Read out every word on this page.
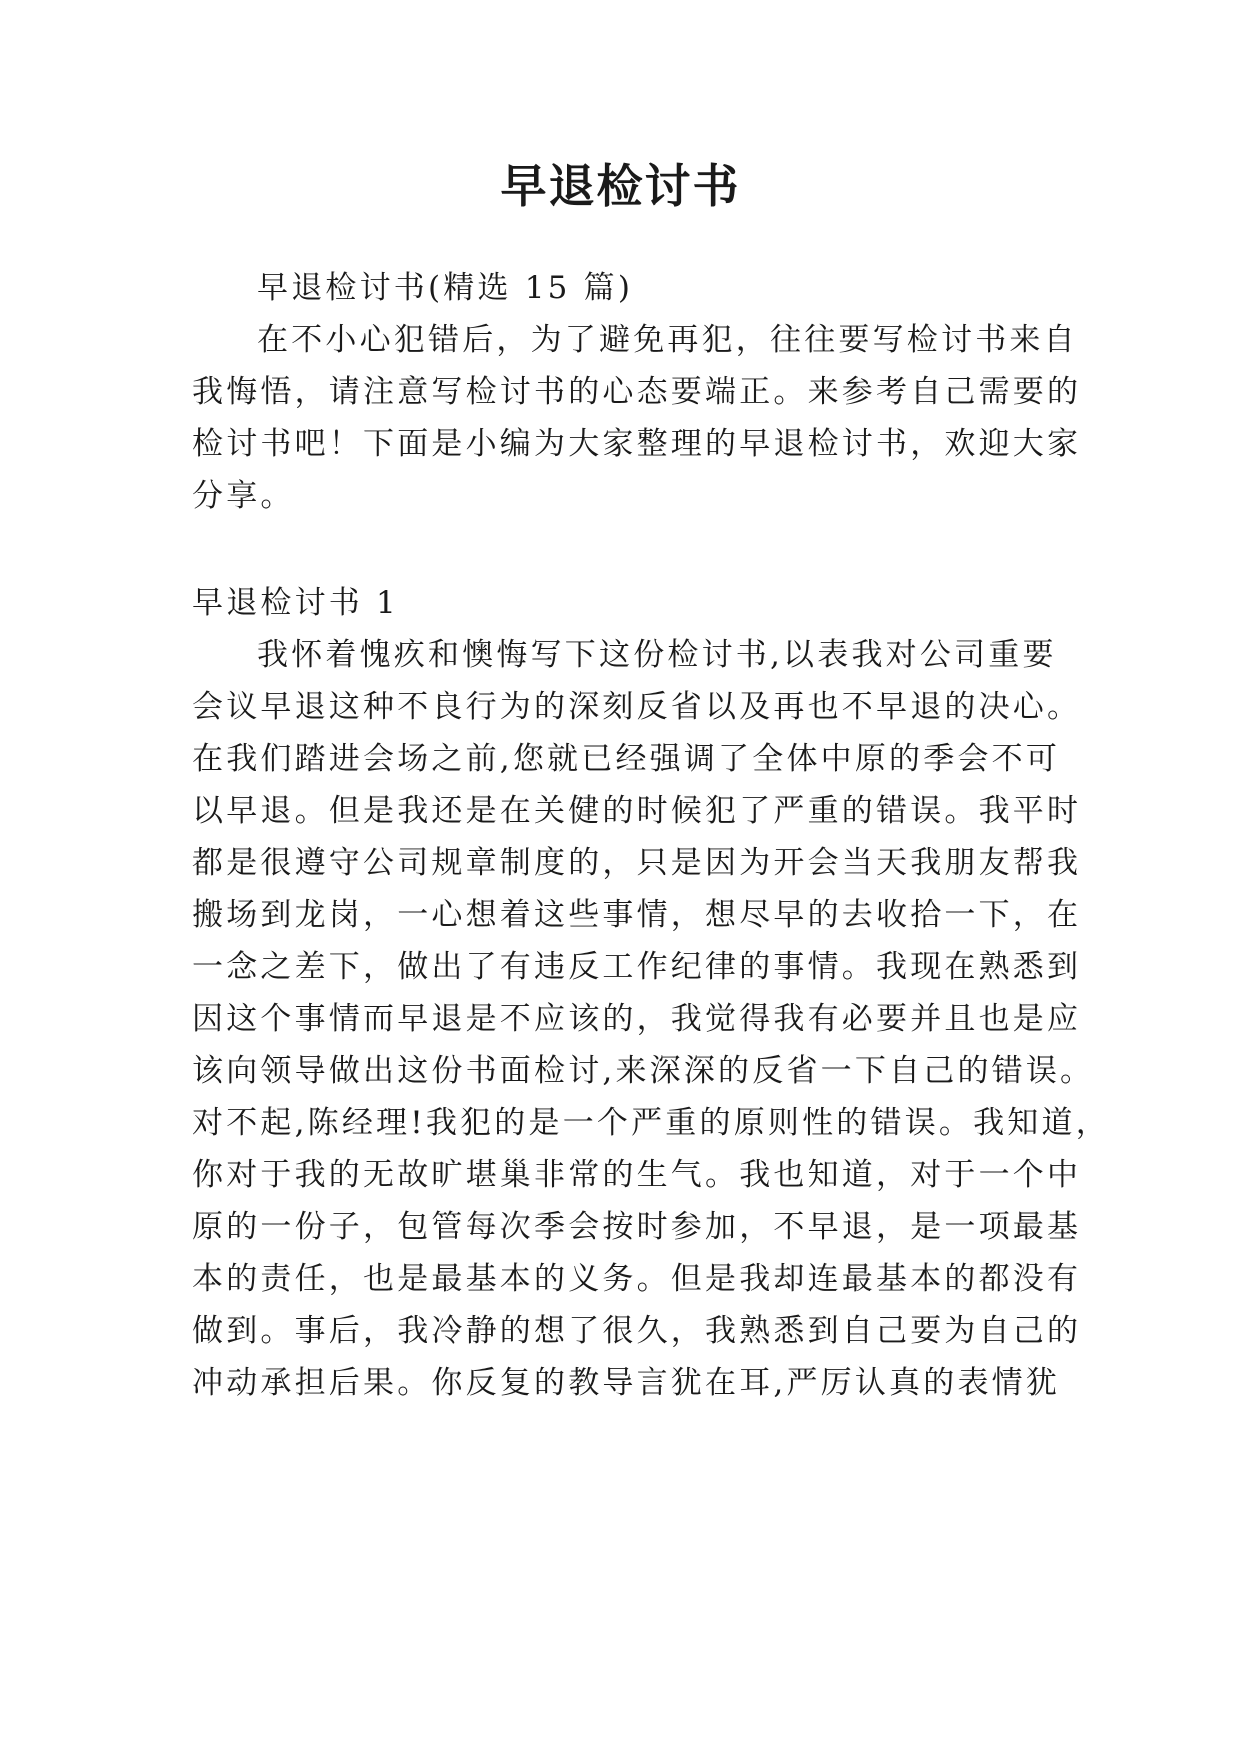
早退检讨书
早退检讨书(精选 15 篇)
在不小心犯错后，为了避免再犯，往往要写检讨书来自
我悔悟，请注意写检讨书的心态要端正。来参考自己需要的
检讨书吧！下面是小编为大家整理的早退检讨书，欢迎大家
分享。
早退检讨书 1
我怀着愧疚和懊悔写下这份检讨书,以表我对公司重要
会议早退这种不良行为的深刻反省以及再也不早退的决心。
在我们踏进会场之前,您就已经强调了全体中原的季会不可
以早退。但是我还是在关健的时候犯了严重的错误。我平时
都是很遵守公司规章制度的，只是因为开会当天我朋友帮我
搬场到龙岗，一心想着这些事情，想尽早的去收拾一下，在
一念之差下，做出了有违反工作纪律的事情。我现在熟悉到
因这个事情而早退是不应该的，我觉得我有必要并且也是应
该向领导做出这份书面检讨,来深深的反省一下自己的错误。
对不起,陈经理!我犯的是一个严重的原则性的错误。我知道，
你对于我的无故旷堪巢非常的生气。我也知道，对于一个中
原的一份子，包管每次季会按时参加，不早退，是一项最基
本的责任，也是最基本的义务。但是我却连最基本的都没有
做到。事后，我冷静的想了很久，我熟悉到自己要为自己的
冲动承担后果。你反复的教导言犹在耳,严厉认真的表情犹
